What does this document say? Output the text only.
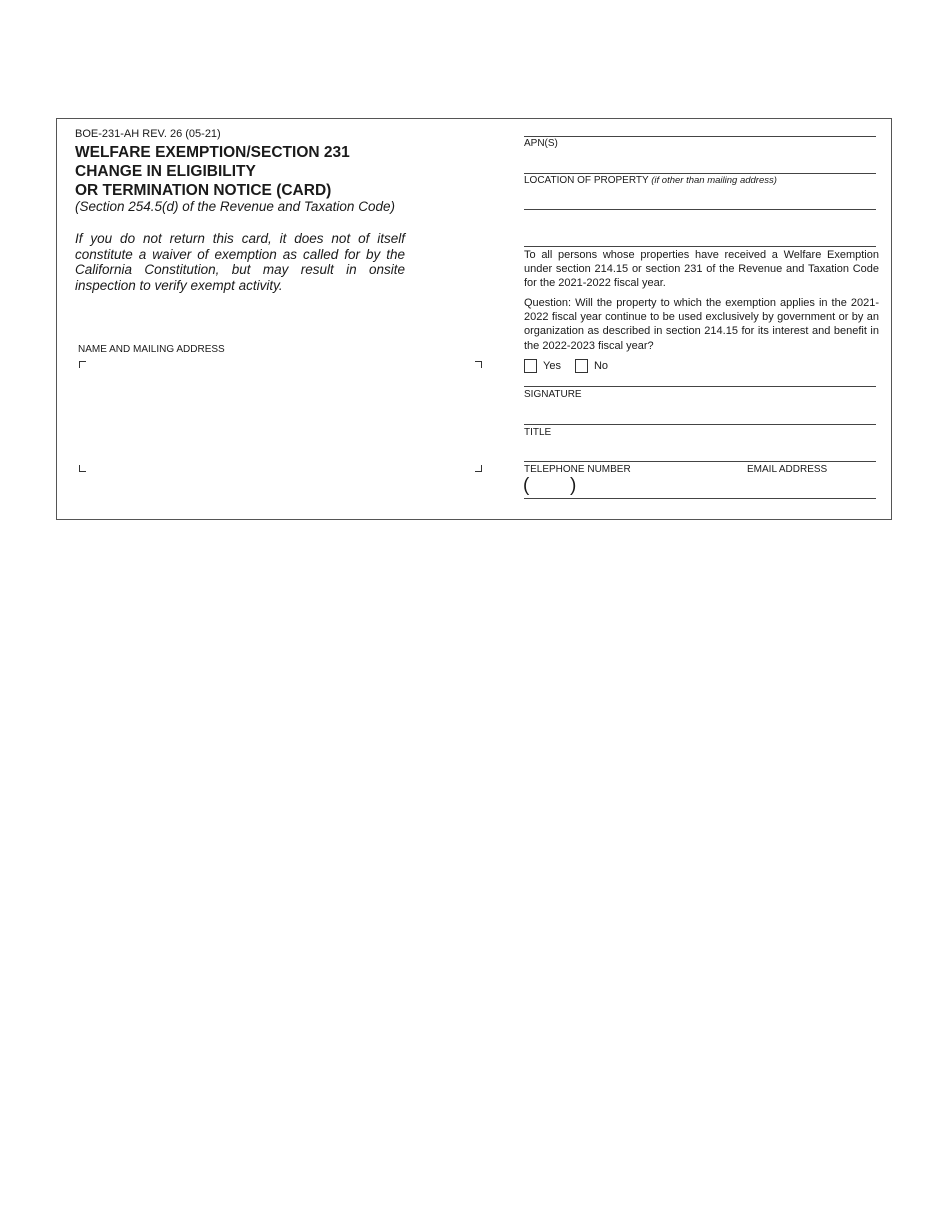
BOE-231-AH REV. 26 (05-21)
WELFARE EXEMPTION/SECTION 231
CHANGE IN ELIGIBILITY
OR TERMINATION NOTICE (CARD)
(Section 254.5(d) of the Revenue and Taxation Code)
If you do not return this card, it does not of itself constitute a waiver of exemption as called for by the California Constitution, but may result in onsite inspection to verify exempt activity.
NAME AND MAILING ADDRESS
APN(S)
LOCATION OF PROPERTY (if other than mailing address)
To all persons whose properties have received a Welfare Exemption under section 214.15 or section 231 of the Revenue and Taxation Code for the 2021-2022 fiscal year.
Question: Will the property to which the exemption applies in the 2021-2022 fiscal year continue to be used exclusively by government or by an organization as described in section 214.15 for its interest and benefit in the 2022-2023 fiscal year?
Yes	No
SIGNATURE
TITLE
TELEPHONE NUMBER	EMAIL ADDRESS
( )
